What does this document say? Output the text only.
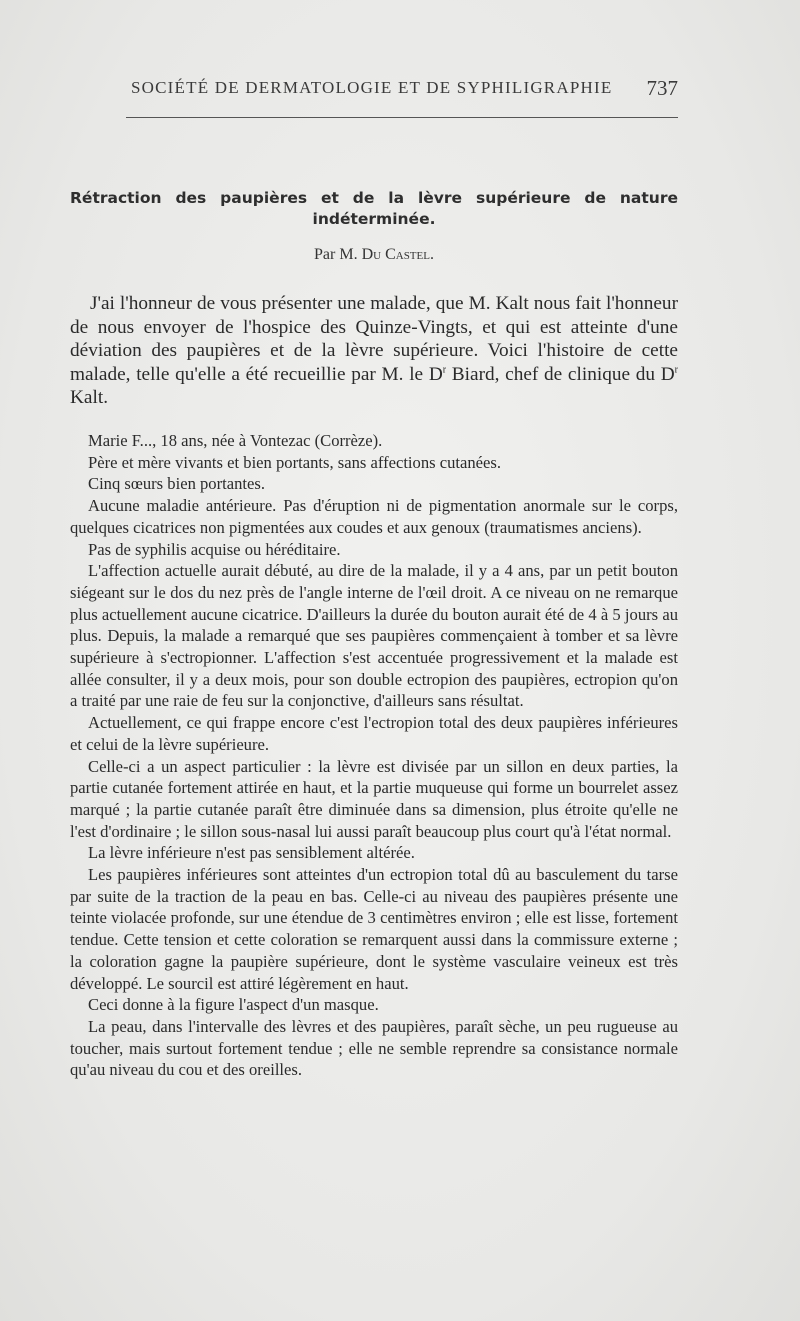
SOCIÉTÉ DE DERMATOLOGIE ET DE SYPHILIGRAPHIE 737
Rétraction des paupières et de la lèvre supérieure de nature
indéterminée.
Par M. Du Castel.

J'ai l'honneur de vous présenter une malade, que M. Kalt nous fait l'honneur de nous envoyer de l'hospice des Quinze-Vingts, et qui est atteinte d'une déviation des paupières et de la lèvre supérieure. Voici l'histoire de cette malade, telle qu'elle a été recueillie par M. le $D^r$ Biard, chef de clinique du $D^r$ Kalt.

Marie F..., 18 ans, née à Vontezac (Corrèze).

Père et mère vivants et bien portants, sans affections cutanées.

Cinq sœurs bien portantes.

Aucune maladie antérieure. Pas d'éruption ni de pigmentation anormale sur le corps, quelques cicatrices non pigmentées aux coudes et aux genoux (traumatismes anciens).

Pas de syphilis acquise ou héréditaire.

L'affection actuelle aurait débuté, au dire de la malade, il y a 4 ans, par un petit bouton siégeant sur le dos du nez près de l'angle interne de l'œil droit. A ce niveau on ne remarque plus actuellement aucune cicatrice. D'ailleurs la durée du bouton aurait été de 4 à 5 jours au plus. Depuis, la malade a remarqué que ses paupières commençaient à tomber et sa lèvre supérieure à s'ectropionner. L'affection s'est accentuée progressivement et la malade est allée consulter, il y a deux mois, pour son double ectropion des paupières, ectropion qu'on a traité par une raie de feu sur la conjonctive, d'ailleurs sans résultat.

Actuellement, ce qui frappe encore c'est l'ectropion total des deux paupières inférieures et celui de la lèvre supérieure.

Celle-ci a un aspect particulier : la lèvre est divisée par un sillon en deux parties, la partie cutanée fortement attirée en haut, et la partie muqueuse qui forme un bourrelet assez marqué ; la partie cutanée paraît être diminuée dans sa dimension, plus étroite qu'elle ne l'est d'ordinaire ; le sillon sous-nasal lui aussi paraît beaucoup plus court qu'à l'état normal.

La lèvre inférieure n'est pas sensiblement altérée.

Les paupières inférieures sont atteintes d'un ectropion total dû au basculement du tarse par suite de la traction de la peau en bas. Celle-ci au niveau des paupières présente une teinte violacée profonde, sur une étendue de 3 centimètres environ ; elle est lisse, fortement tendue. Cette tension et cette coloration se remarquent aussi dans la commissure externe ; la coloration gagne la paupière supérieure, dont le système vasculaire veineux est très développé. Le sourcil est attiré légèrement en haut.

Ceci donne à la figure l'aspect d'un masque.

La peau, dans l'intervalle des lèvres et des paupières, paraît sèche, un peu rugueuse au toucher, mais surtout fortement tendue ; elle ne semble reprendre sa consistance normale qu'au niveau du cou et des oreilles.
